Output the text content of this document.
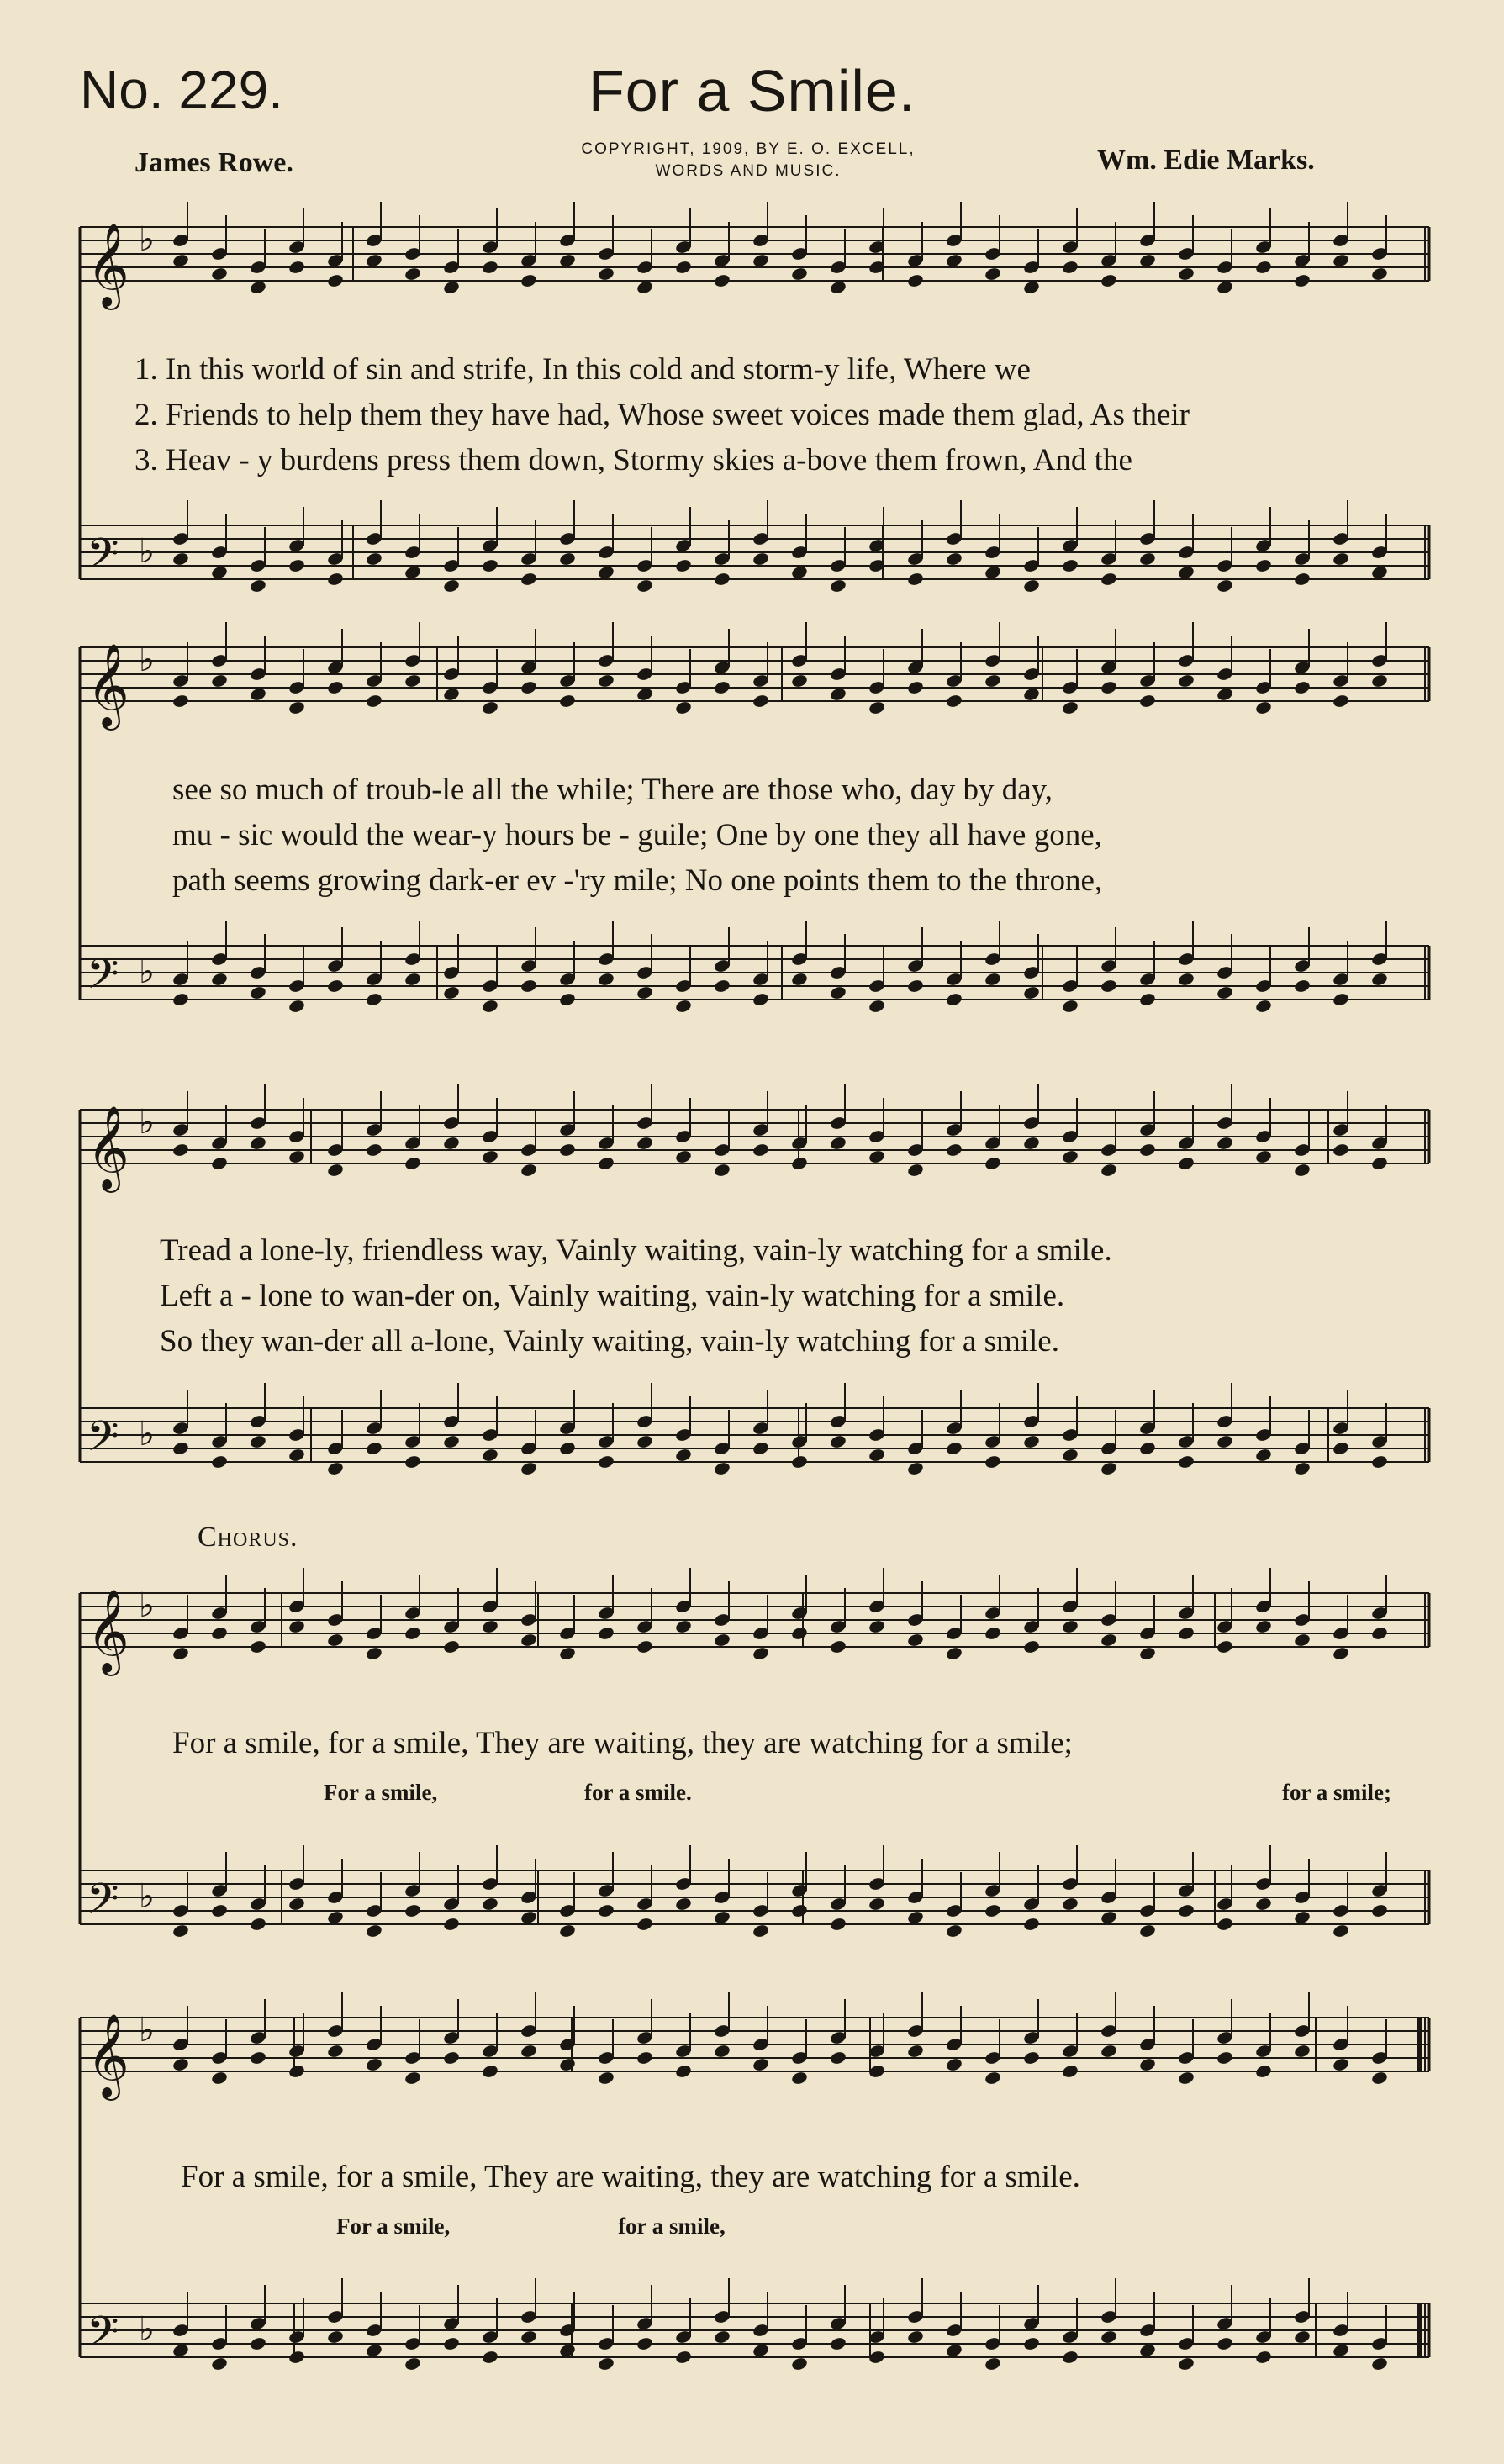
No. 229.	For a Smile.
James Rowe.	COPYRIGHT, 1909, BY E. O. EXCELL,
WORDS AND MUSIC.	Wm. Edie Marks.
𝄞 ♭
𝄢 ♭
𝄞 ♭
𝄢 ♭
𝄞 ♭
𝄢 ♭
𝄞 ♭
𝄢 ♭
𝄞 ♭
𝄢 ♭
1. In this world of sin and strife, In this cold and storm-y life, Where we
2. Friends to help them they have had, Whose sweet voices made them glad, As their
3. Heav - y burdens press them down, Stormy skies a-bove them frown, And the
see so much of troub-le all the while; There are those who, day by day,
mu - sic would the wear-y hours be - guile; One by one they all have gone,
path seems growing dark-er ev -'ry mile; No one points them to the throne,
Tread a lone-ly, friendless way, Vainly waiting, vain-ly watching for a smile.
Left a - lone to wan-der on, Vainly waiting, vain-ly watching for a smile.
So they wan-der all a-lone, Vainly waiting, vain-ly watching for a smile.
Chorus.
For a smile, for a smile, They are waiting, they are watching for a smile;
For a smile,	for a smile.	for a smile;
For a smile, for a smile, They are waiting, they are watching for a smile.
For a smile,	for a smile,
